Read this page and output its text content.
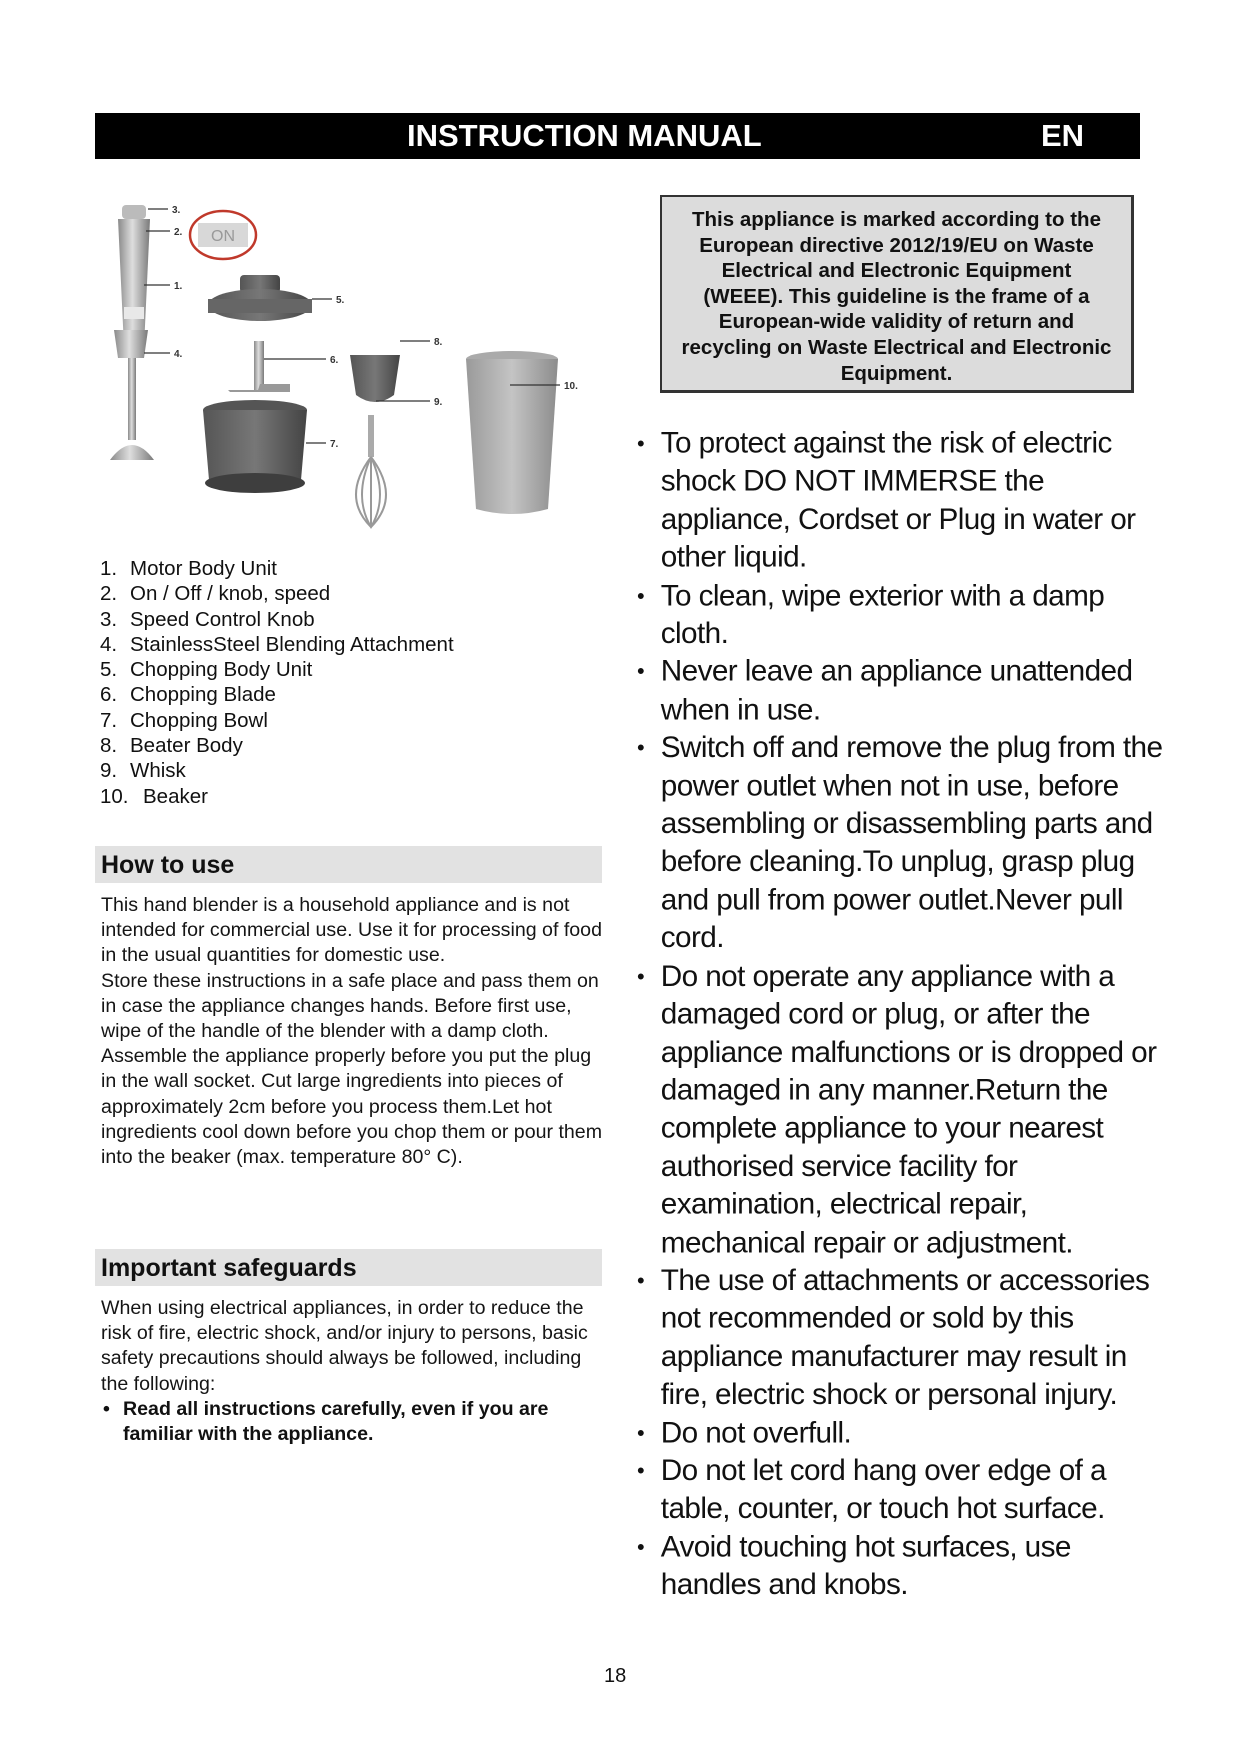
INSTRUCTION MANUAL	EN
ON
3.
2.
1.
5.
4.
6.
8.
9.
10.
7.
1. Motor Body Unit
2. On / Off / knob, speed
3. Speed Control Knob
4. StainlessSteel Blending Attachment
5. Chopping Body Unit
6. Chopping Blade
7. Chopping Bowl
8. Beater Body
9. Whisk
10. Beaker
How to use

This hand blender is a household appliance and is not intended for commercial use. Use it for processing of food in the usual quantities for domestic use.

Store these instructions in a safe place and pass them on in case the appliance changes hands. Before first use, wipe of the handle of the blender with a damp cloth. Assemble the appliance properly before you put the plug in the wall socket. Cut large ingredients into pieces of approximately 2cm before you process them.Let hot ingredients cool down before you chop them or pour them into the beaker (max. temperature 80° C).

Important safeguards

When using electrical appliances, in order to reduce the risk of fire, electric shock, and/or injury to persons, basic safety precautions should always be followed, including the following:

• Read all instructions carefully, even if you are familiar with the appliance.

This appliance is marked according to the European directive 2012/19/EU on Waste Electrical and Electronic Equipment (WEEE). This guideline is the frame of a European-wide validity of return and recycling on Waste Electrical and Electronic Equipment.

• To protect against the risk of electric shock DO NOT IMMERSE the appliance, Cordset or Plug in water or other liquid.
• To clean, wipe exterior with a damp cloth.
• Never leave an appliance unattended when in use.
• Switch off and remove the plug from the power outlet when not in use, before assembling or disassembling parts and before cleaning.To unplug, grasp plug and pull from power outlet.Never pull cord.
• Do not operate any appliance with a damaged cord or plug, or after the appliance malfunctions or is dropped or damaged in any manner.Return the complete appliance to your nearest authorised service facility for examination, electrical repair, mechanical repair or adjustment.
• The use of attachments or accessories not recommended or sold by this appliance manufacturer may result in fire, electric shock or personal injury.
• Do not overfull.
• Do not let cord hang over edge of a table, counter, or touch hot surface.
• Avoid touching hot surfaces, use handles and knobs.
18
